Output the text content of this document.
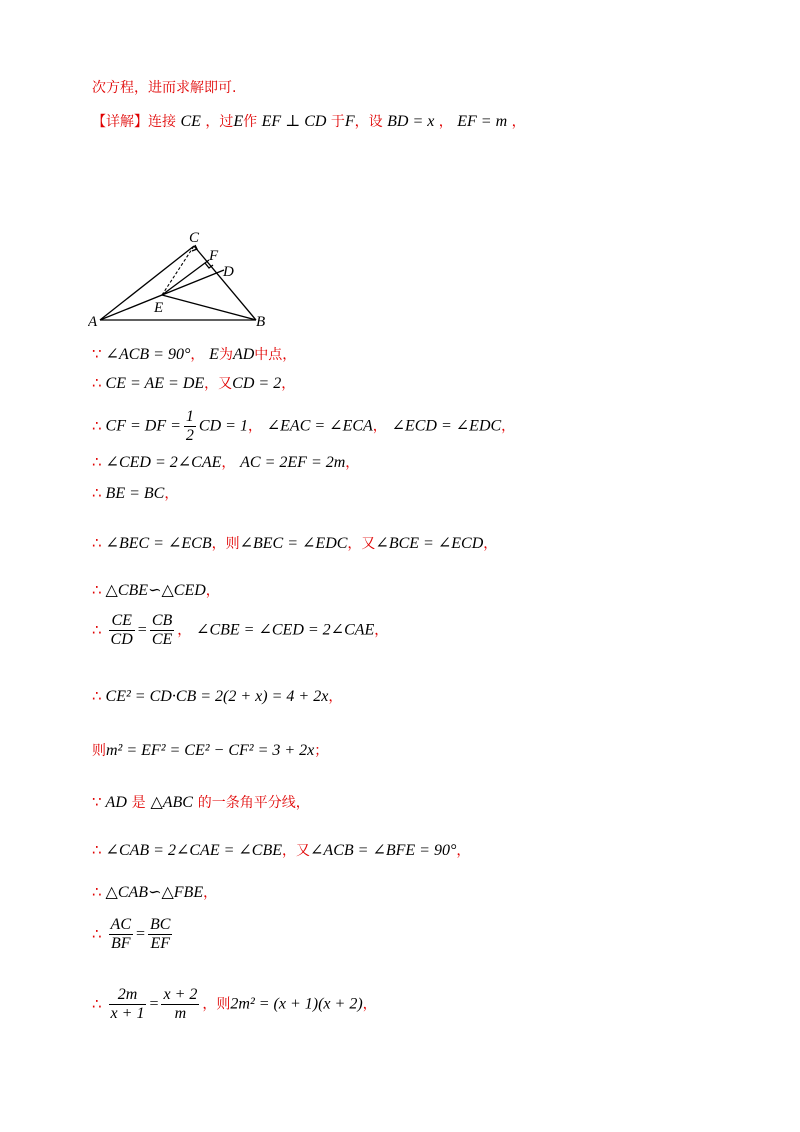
次方程，进而求解即可.
【详解】连接 CE ，过E作 EF ⊥ CD 于F，设 BD = x ， EF = m ，
A	B
C
D
E
F
∵ ∠ACB = 90°， E为AD中点，
∴ CE = AE = DE，又CD = 2，
∴ CF = DF = $\frac{1}{2}$ CD = 1， ∠EAC = ∠ECA， ∠ECD = ∠EDC，
∴ ∠CED = 2∠CAE， AC = 2EF = 2m，
∴ BE = BC，
∴ ∠BEC = ∠ECB，则∠BEC = ∠EDC，又∠BCE = ∠ECD，
∴ △CBE∽△CED，
∴ $\frac{CE}{CD} = \frac{CB}{CE}$ ， ∠CBE = ∠CED = 2∠CAE，
∴ CE² = CD·CB = 2(2 + x) = 4 + 2x，
则m² = EF² = CE² − CF² = 3 + 2x；
∵ AD 是 △ABC 的一条角平分线，
∴ ∠CAB = 2∠CAE = ∠CBE，又∠ACB = ∠BFE = 90°，
∴ △CAB∽△FBE，
∴ $\frac{AC}{BF} = \frac{BC}{EF}$
∴ $\frac{2m}{x + 1} = \frac{x + 2}{m}$ ，则2m² = (x + 1)(x + 2)，
